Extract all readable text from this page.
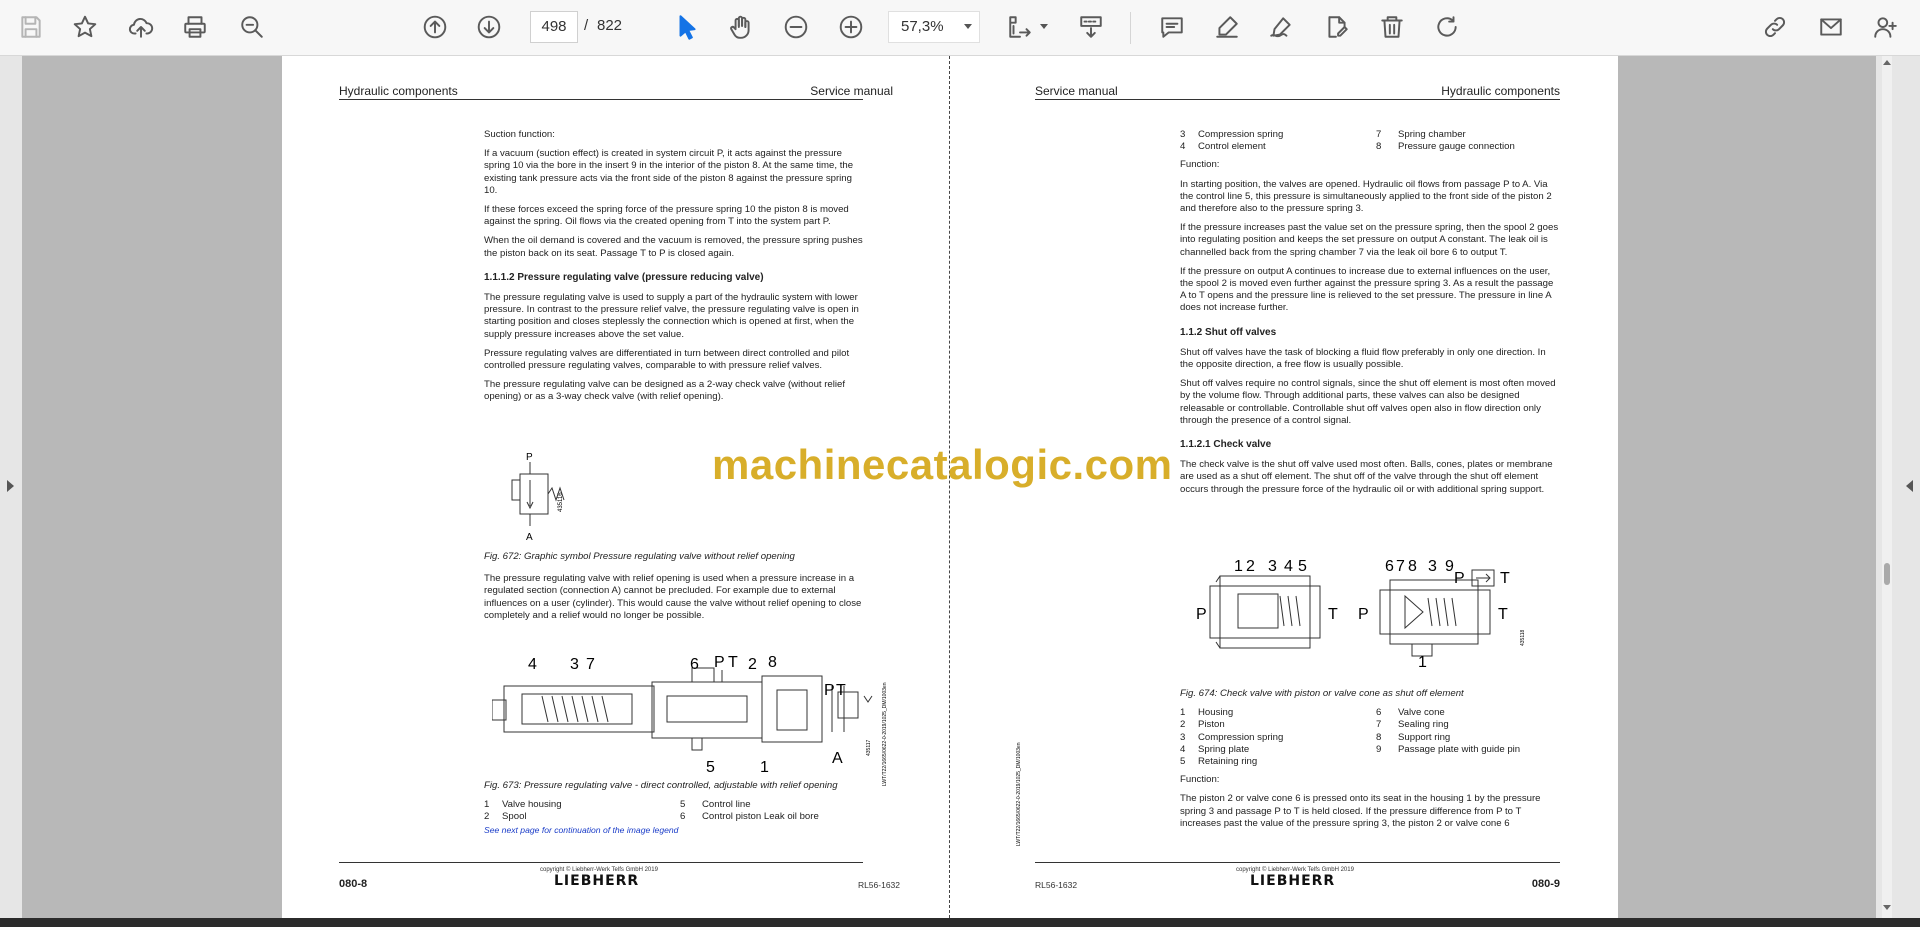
498	/ 822	57,3%
Hydraulic components	Service manual

Suction function:

If a vacuum (suction effect) is created in system circuit P, it acts against the pressure spring 10 via the bore in the insert 9 in the interior of the piston 8. At the same time, the existing tank pressure acts via the front side of the piston 8 against the pressure spring 10.

If these forces exceed the spring force of the pressure spring 10 the piston 8 is moved against the spring. Oil flows via the created opening from T into the system part P.

When the oil demand is covered and the vacuum is removed, the pressure spring pushes the piston back on its seat. Passage T to P is closed again.

1.1.1.2 Pressure regulating valve (pressure reducing valve)

The pressure regulating valve is used to supply a part of the hydraulic system with lower pressure. In contrast to the pressure relief valve, the pressure regulating valve is open in starting position and closes steplessly the connection which is opened at first, when the supply pressure increases above the set value.

Pressure regulating valves are differentiated in turn between direct controlled and pilot controlled pressure regulating valves, comparable to with pressure relief valves.

The pressure regulating valve can be designed as a 2-way check valve (without relief opening) or as a 3-way check valve (with relief opening).

P
A
435116

Fig. 672: Graphic symbol Pressure regulating valve without relief opening

The pressure regulating valve with relief opening is used when a pressure increase in a regulated section (connection A) cannot be precluded. For example due to external influences on a user (cylinder). This would cause the valve without relief opening to close completely and a relief would no longer be possible.

4 3 7	6 P T 2 8
P T
A
5	1	LWT/T22/1665/0622-0-2019/1025_DM/1003en
435117

Fig. 673: Pressure regulating valve - direct controlled, adjustable with relief opening

1	Valve housing	5	Control line
2	Spool	6	Control piston Leak oil bore
See next page for continuation of the image legend
080-8
copyright © Liebherr-Werk Telfs GmbH 2019
LIEBHERR	RL56-1632
Service manual	Hydraulic components
3	Compression spring	7	Spring chamber
4	Control element	8	Pressure gauge connection

Function:

In starting position, the valves are opened. Hydraulic oil flows from passage P to A. Via the control line 5, this pressure is simultaneously applied to the front side of the piston 2 and therefore also to the pressure spring 3.

If the pressure increases past the value set on the pressure spring, then the spool 2 goes into regulating position and keeps the set pressure on output A constant. The leak oil is channelled back from the spring chamber 7 via the leak oil bore 6 to output T.

If the pressure on output A continues to increase due to external influences on the user, the spool 2 is moved even further against the pressure spring 3. As a result the passage A to T opens and the pressure line is relieved to the set pressure. The pressure in line A does not increase further.

1.1.2 Shut off valves

Shut off valves have the task of blocking a fluid flow preferably in only one direction. In the opposite direction, a free flow is usually possible.

Shut off valves require no control signals, since the shut off element is most often moved by the volume flow. Through additional parts, these valves can also be designed releasable or controllable. Controllable shut off valves open also in flow direction only through the presence of a control signal.

1.1.2.1 Check valve

The check valve is the shut off valve used most often. Balls, cones, plates or membrane are used as a shut off element. The shut off of the valve through the shut off element occurs through the pressure force of the hydraulic oil or with additional spring support.

1 2 3 4 5	6 7 8 3 9
P	T P	T
P T
1
435118
LWT/T22/1665/0622-0-2019/1025_DM/1003en

Fig. 674: Check valve with piston or valve cone as shut off element

1	Housing	6	Valve cone
2	Piston	7	Sealing ring
3	Compression spring	8	Support ring
4	Spring plate	9	Passage plate with guide pin
5	Retaining ring

Function:

The piston 2 or valve cone 6 is pressed onto its seat in the housing 1 by the pressure spring 3 and passage P to T is held closed. If the pressure difference from P to T increases past the value of the pressure spring 3, the piston 2 or valve cone 6

RL56-1632
copyright © Liebherr-Werk Telfs GmbH 2019
LIEBHERR	080-9
machinecatalogic.com
